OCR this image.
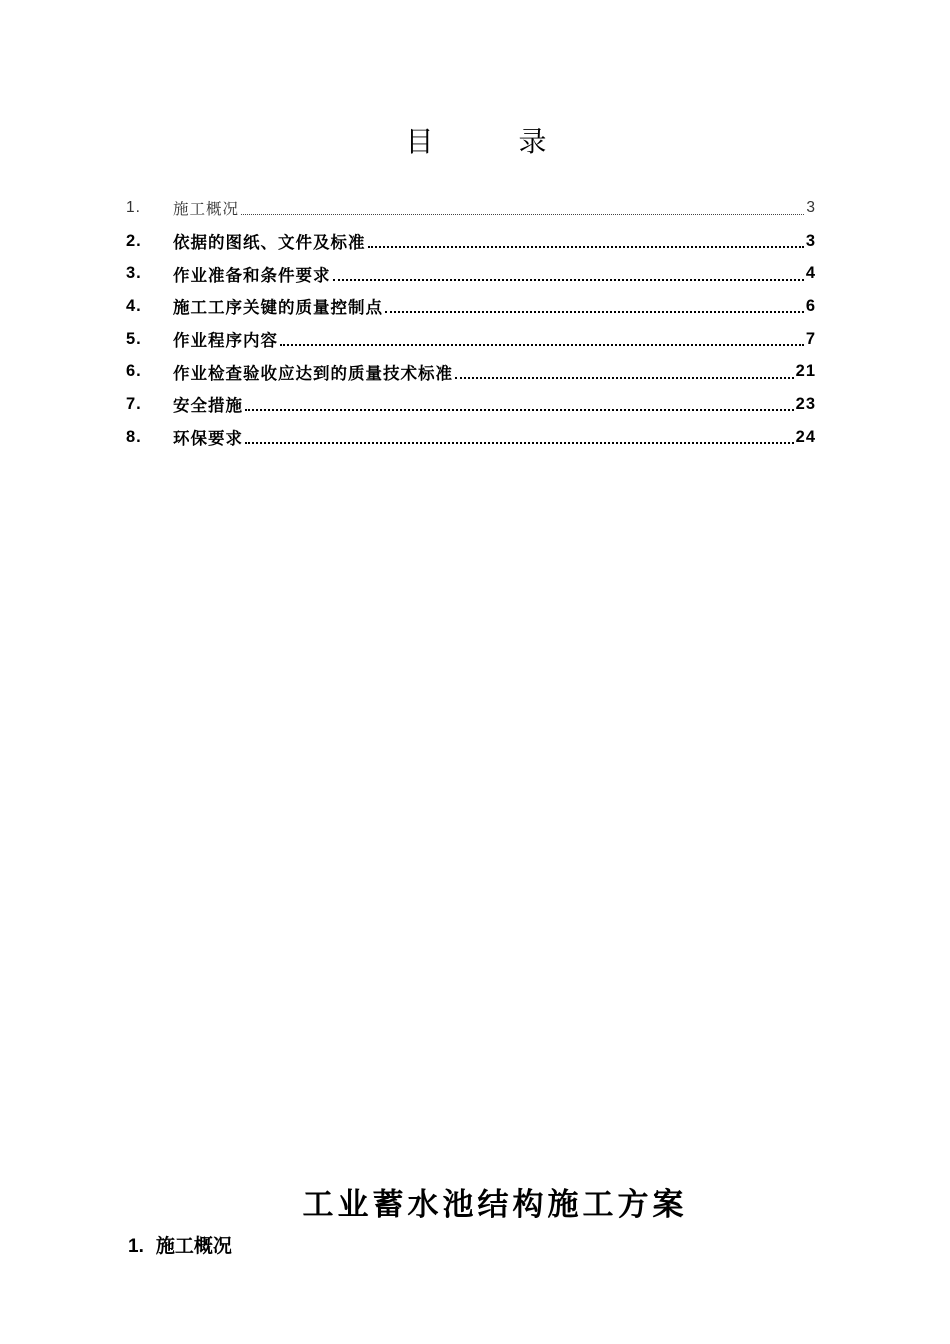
目 录
1.	施工概况	3
2.	依据的图纸、文件及标准	3
3.	作业准备和条件要求	4
4.	施工工序关键的质量控制点	6
5.	作业程序内容	7
6.	作业检查验收应达到的质量技术标准	21
7.	安全措施	23
8.	环保要求	24
工业蓄水池结构施工方案
1. 施工概况
